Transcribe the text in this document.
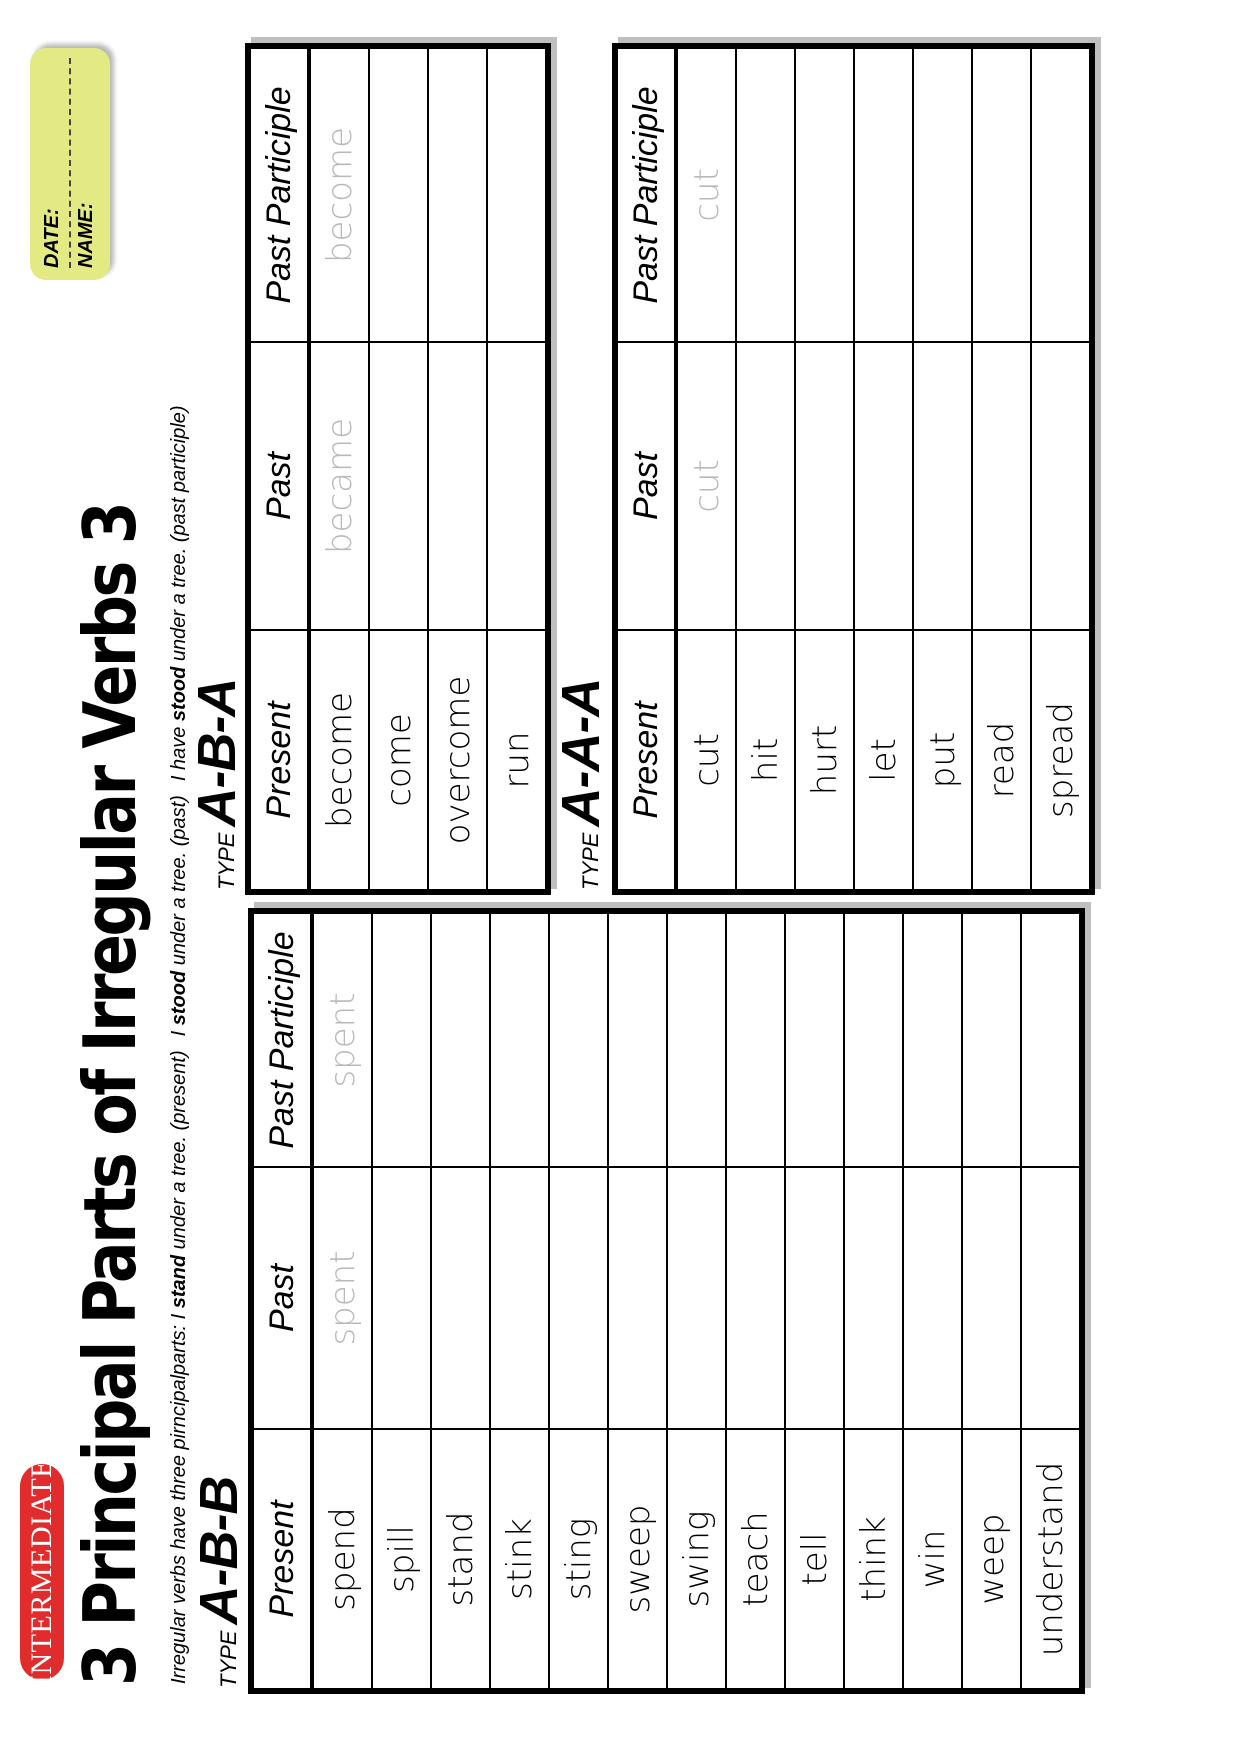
INTERMEDIATE 3 Principal Parts of Irregular Verbs 3 Irregular verbs have three pirncipalparts: I stand under a tree. (present)I stood under a tree. (past)I have stood under a tree. (past participle)
DATE: NAME:
TYPE
A-B-B Present	Past	Past Participle
spend	spent	spent
spill		
stand		
stink		
sting		
sweep		
swing		
teach		
tell		
think		
win		
weep		
understand		
TYPE
A-B-A Present	Past	Past Participle
become	became	become
come		
overcome		
run		
TYPE
A-A-A Present	Past	Past Participle
cut	cut	cut
hit		
hurt		
let		
put		
read		
spread		
